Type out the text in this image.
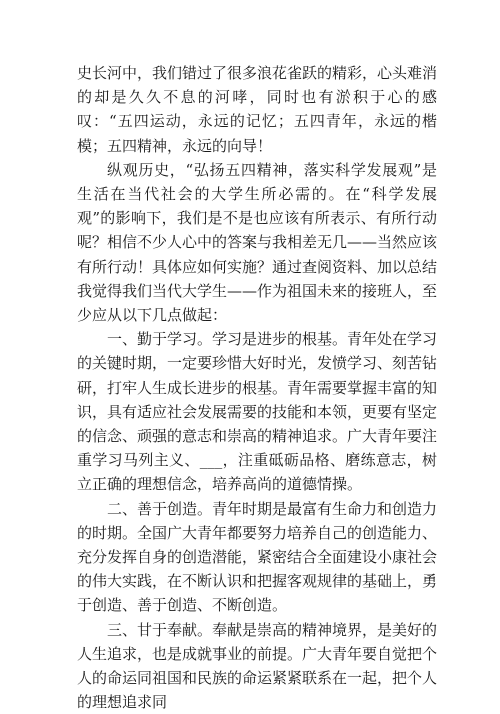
史长河中，我们错过了很多浪花雀跃的精彩，心头难消的却是久久不息的河哮，同时也有淤积于心的感叹：“五四运动，永远的记忆；五四青年，永远的楷模；五四精神，永远的向导！

纵观历史，“弘扬五四精神，落实科学发展观”是生活在当代社会的大学生所必需的。在“科学发展观”的影响下，我们是不是也应该有所表示、有所行动呢？相信不少人心中的答案与我相差无几——当然应该有所行动！具体应如何实施？通过查阅资料、加以总结我觉得我们当代大学生——作为祖国未来的接班人，至少应从以下几点做起：

一、勤于学习。学习是进步的根基。青年处在学习的关键时期，一定要珍惜大好时光，发愤学习、刻苦钻研，打牢人生成长进步的根基。青年需要掌握丰富的知识，具有适应社会发展需要的技能和本领，更要有坚定的信念、顽强的意志和崇高的精神追求。广大青年要注重学习马列主义、___，注重砥砺品格、磨练意志，树立正确的理想信念，培养高尚的道德情操。

二、善于创造。青年时期是最富有生命力和创造力的时期。全国广大青年都要努力培养自己的创造能力、充分发挥自身的创造潜能，紧密结合全面建设小康社会的伟大实践，在不断认识和把握客观规律的基础上，勇于创造、善于创造、不断创造。

三、甘于奉献。奉献是崇高的精神境界，是美好的人生追求，也是成就事业的前提。广大青年要自觉把个人的命运同祖国和民族的命运紧紧联系在一起，把个人的理想追求同
